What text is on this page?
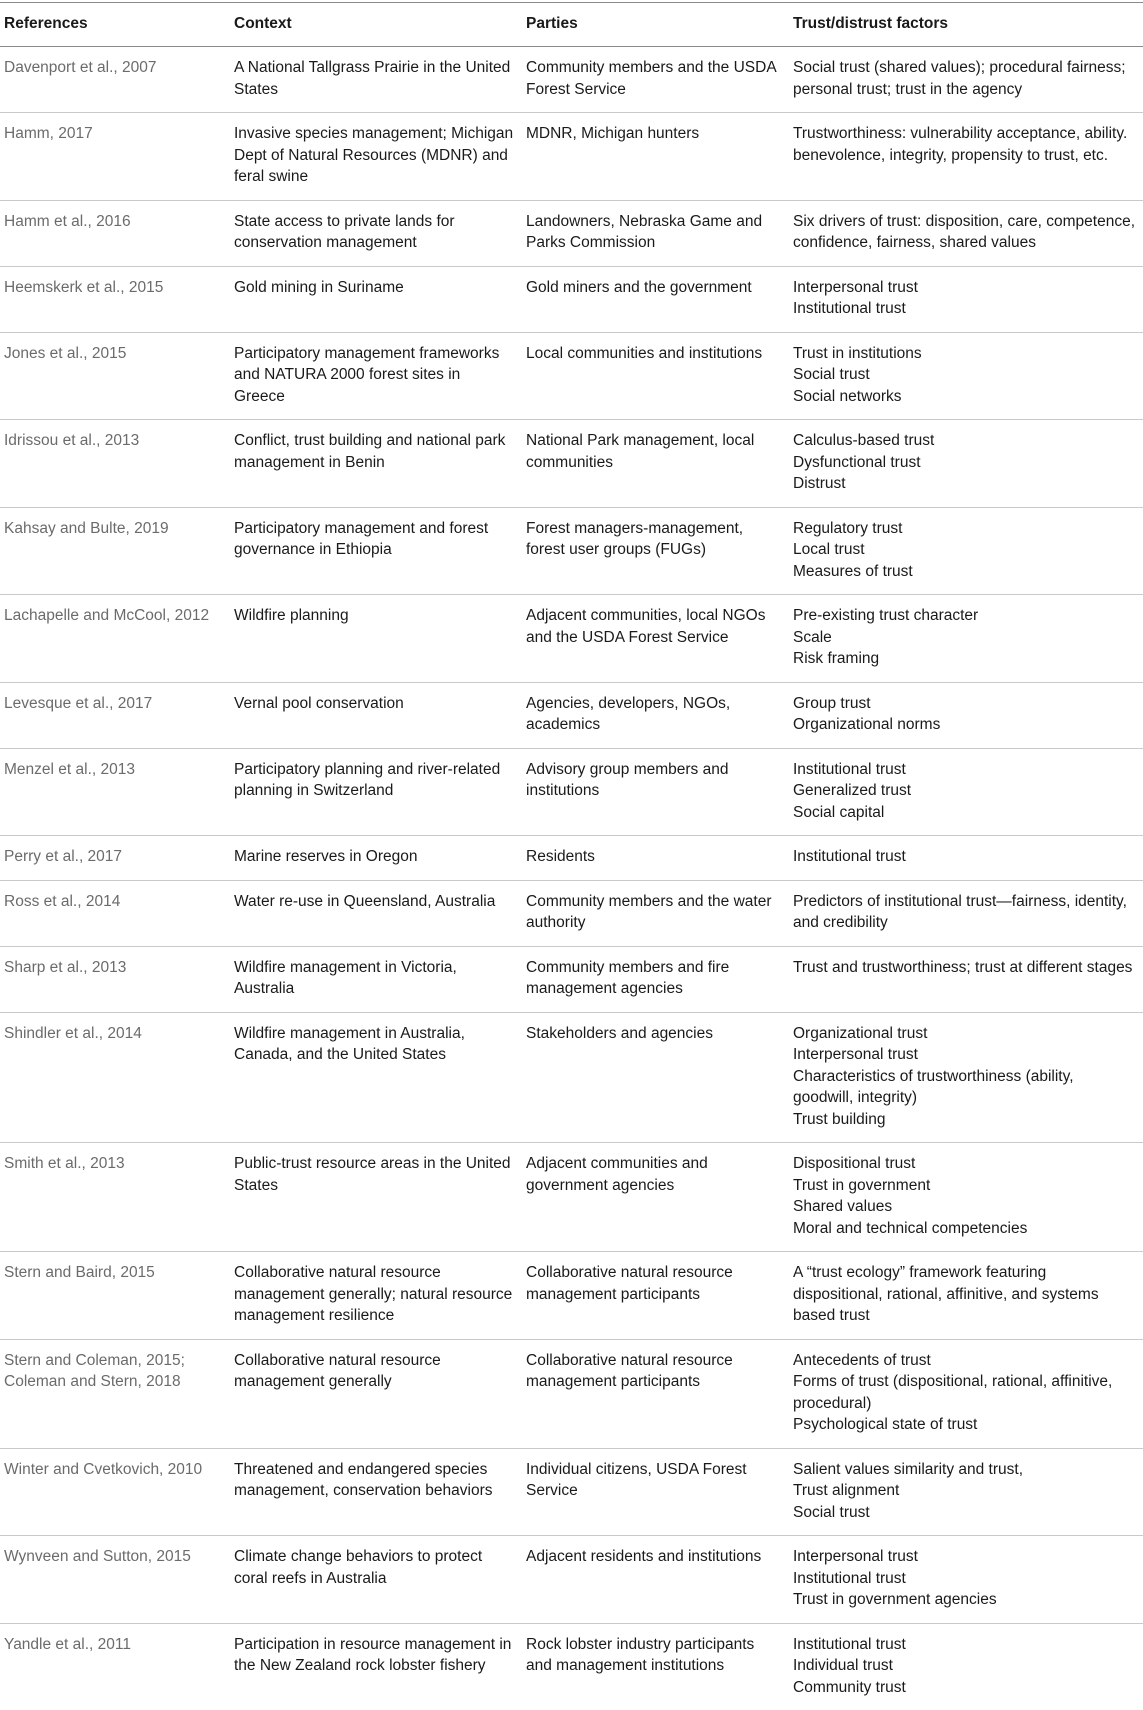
References	Context	Parties	Trust/distrust factors
Davenport et al., 2007	A National Tallgrass Prairie in the United States	Community members and the USDA Forest Service	Social trust (shared values); procedural fairness; personal trust; trust in the agency

Hamm, 2017	Invasive species management; Michigan Dept of Natural Resources (MDNR) and feral swine	MDNR, Michigan hunters	Trustworthiness: vulnerability acceptance, ability. benevolence, integrity, propensity to trust, etc.

Hamm et al., 2016	State access to private lands for conservation management	Landowners, Nebraska Game and Parks Commission	Six drivers of trust: disposition, care, competence, confidence, fairness, shared values

Heemskerk et al., 2015	Gold mining in Suriname	Gold miners and the government	Interpersonal trust
Institutional trust

Jones et al., 2015	Participatory management frameworks and NATURA 2000 forest sites in Greece	Local communities and institutions	Trust in institutions
Social trust
Social networks

Idrissou et al., 2013	Conflict, trust building and national park management in Benin	National Park management, local communities	Calculus-based trust
Dysfunctional trust
Distrust

Kahsay and Bulte, 2019	Participatory management and forest governance in Ethiopia	Forest managers-management, forest user groups (FUGs)	Regulatory trust
Local trust
Measures of trust

Lachapelle and McCool, 2012	Wildfire planning	Adjacent communities, local NGOs and the USDA Forest Service	Pre-existing trust character
Scale
Risk framing

Levesque et al., 2017	Vernal pool conservation	Agencies, developers, NGOs, academics	Group trust
Organizational norms

Menzel et al., 2013	Participatory planning and river-related planning in Switzerland	Advisory group members and institutions	Institutional trust
Generalized trust
Social capital

Perry et al., 2017	Marine reserves in Oregon	Residents	Institutional trust

Ross et al., 2014	Water re-use in Queensland, Australia	Community members and the water authority	Predictors of institutional trust—fairness, identity, and credibility

Sharp et al., 2013	Wildfire management in Victoria, Australia	Community members and fire management agencies	Trust and trustworthiness; trust at different stages

Shindler et al., 2014	Wildfire management in Australia, Canada, and the United States	Stakeholders and agencies	Organizational trust
Interpersonal trust
Characteristics of trustworthiness (ability, goodwill, integrity)
Trust building

Smith et al., 2013	Public-trust resource areas in the United States	Adjacent communities and government agencies	Dispositional trust
Trust in government
Shared values
Moral and technical competencies

Stern and Baird, 2015	Collaborative natural resource management generally; natural resource management resilience	Collaborative natural resource management participants	A “trust ecology” framework featuring dispositional, rational, affinitive, and systems based trust

Stern and Coleman, 2015; Coleman and Stern, 2018	Collaborative natural resource management generally	Collaborative natural resource management participants	Antecedents of trust
Forms of trust (dispositional, rational, affinitive, procedural)
Psychological state of trust

Winter and Cvetkovich, 2010	Threatened and endangered species management, conservation behaviors	Individual citizens, USDA Forest Service	Salient values similarity and trust,
Trust alignment
Social trust

Wynveen and Sutton, 2015	Climate change behaviors to protect coral reefs in Australia	Adjacent residents and institutions	Interpersonal trust
Institutional trust
Trust in government agencies

Yandle et al., 2011	Participation in resource management in the New Zealand rock lobster fishery	Rock lobster industry participants and management institutions	Institutional trust
Individual trust
Community trust
